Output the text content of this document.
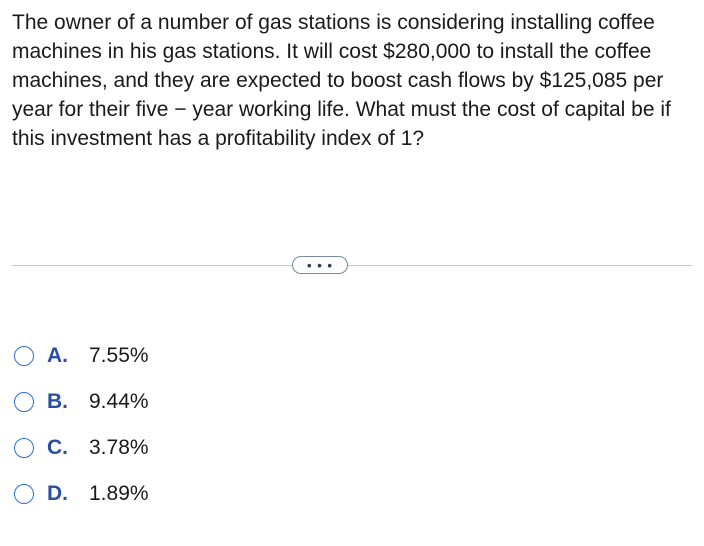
The owner of a number of gas stations is considering installing coffee machines in his gas stations. It will cost $280,000 to install the coffee machines, and they are expected to boost cash flows by $125,085 per year for their five − year working life. What must the cost of capital be if this investment has a profitability index of 1?

• • •
A.	7.55%
B.	9.44%
C.	3.78%
D.	1.89%
